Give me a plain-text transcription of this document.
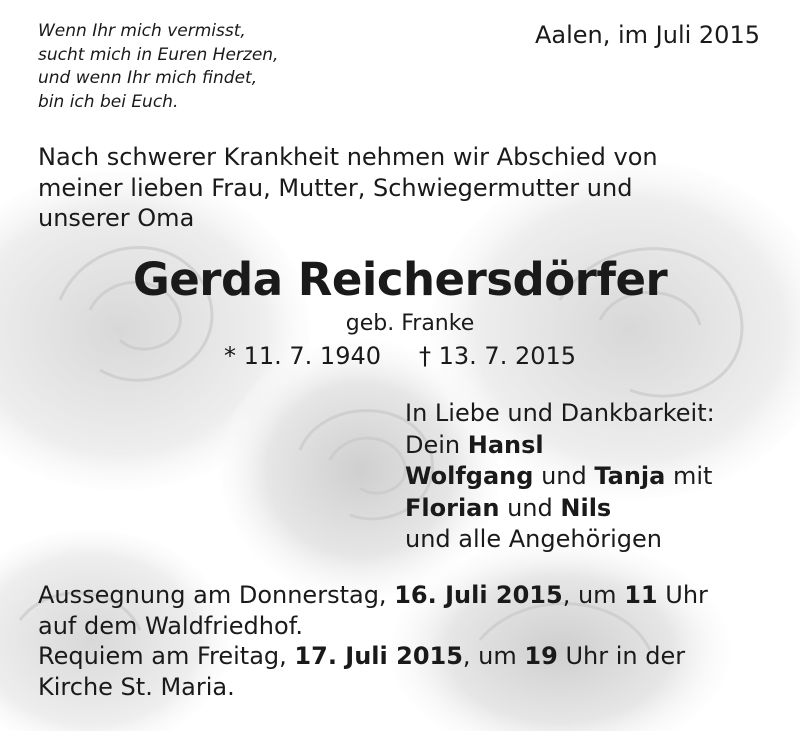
Wenn Ihr mich vermisst,
sucht mich in Euren Herzen,
und wenn Ihr mich findet,
bin ich bei Euch.
Aalen, im Juli 2015
Nach schwerer Krankheit nehmen wir Abschied von
meiner lieben Frau, Mutter, Schwiegermutter und
unserer Oma
Gerda Reichersdörfer
geb. Franke
* 11. 7. 1940 † 13. 7. 2015
In Liebe und Dankbarkeit:
Dein Hansl
Wolfgang und Tanja mit
Florian und Nils
und alle Angehörigen
Aussegnung am Donnerstag, 16. Juli 2015, um 11 Uhr
auf dem Waldfriedhof.
Requiem am Freitag, 17. Juli 2015, um 19 Uhr in der
Kirche St. Maria.
